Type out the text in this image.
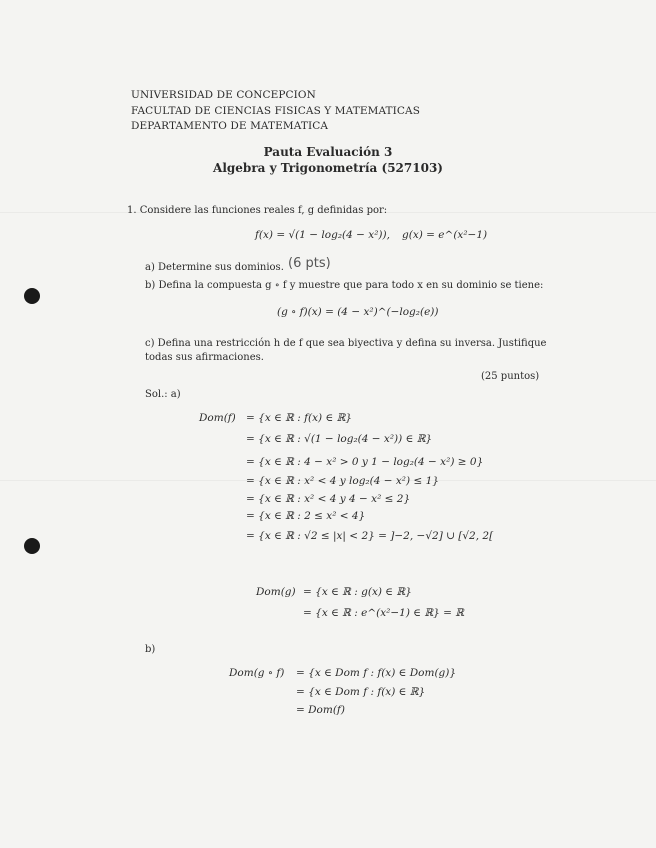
UNIVERSIDAD DE CONCEPCION
FACULTAD DE CIENCIAS FISICAS Y MATEMATICAS
DEPARTAMENTO DE MATEMATICA
Pauta Evaluación 3
Algebra y Trigonometría (527103)
1. Considere las funciones reales f, g definidas por:
f(x) = √(1 − log₂(4 − x²)), g(x) = e^(x²−1)
a) Determine sus dominios. (6 pts)
b) Defina la compuesta g ∘ f y muestre que para todo x en su dominio se tiene:
(g ∘ f)(x) = (4 − x²)^(−log₂(e))
c) Defina una restricción h de f que sea biyectiva y defina su inversa. Justifique
todas sus afirmaciones.
(25 puntos)
Sol.: a)
Dom(f) = {x ∈ ℝ : f(x) ∈ ℝ}
= {x ∈ ℝ : √(1 − log₂(4 − x²)) ∈ ℝ}
= {x ∈ ℝ : 4 − x² > 0 y 1 − log₂(4 − x²) ≥ 0}
= {x ∈ ℝ : x² < 4 y log₂(4 − x²) ≤ 1}
= {x ∈ ℝ : x² < 4 y 4 − x² ≤ 2}
= {x ∈ ℝ : 2 ≤ x² < 4}
= {x ∈ ℝ : √2 ≤ |x| < 2} = ]−2, −√2] ∪ [√2, 2[
Dom(g) = {x ∈ ℝ : g(x) ∈ ℝ}
= {x ∈ ℝ : e^(x²−1) ∈ ℝ} = ℝ
b)
Dom(g ∘ f) = {x ∈ Dom f : f(x) ∈ Dom(g)}
= {x ∈ Dom f : f(x) ∈ ℝ}
= Dom(f)
